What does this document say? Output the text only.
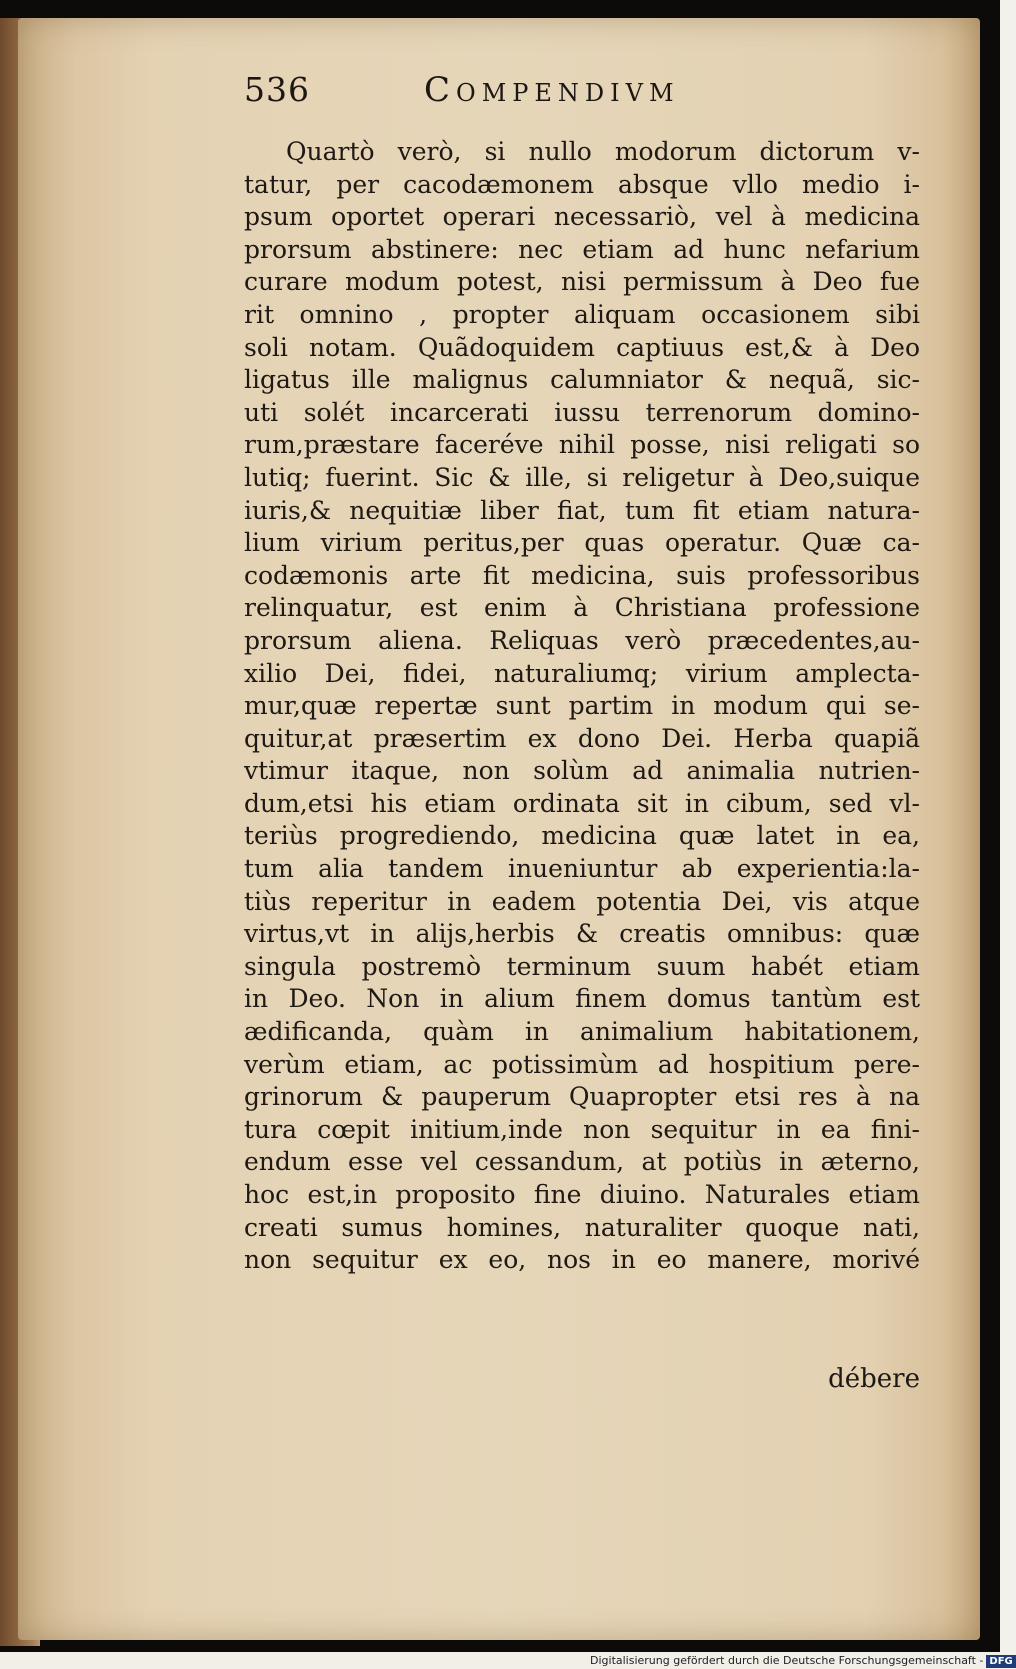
536	Compendivm
Quartò verò, si nullo modorum dictorum v-
tatur, per cacodæmonem absque vllo medio i-
psum oportet operari necessariò, vel à medicina
prorsum abstinere: nec etiam ad hunc nefarium
curare modum potest, nisi permissum à Deo fue
rit omnino , propter aliquam occasionem sibi
soli notam. Quãdoquidem captiuus est,& à Deo
ligatus ille malignus calumniator & nequã, sic-
uti solét incarcerati iussu terrenorum domino-
rum,præstare faceréve nihil posse, nisi religati so
lutiq; fuerint. Sic & ille, si religetur à Deo,suique
iuris,& nequitiæ liber fiat, tum fit etiam natura-
lium virium peritus,per quas operatur. Quæ ca-
codæmonis arte fit medicina, suis professoribus
relinquatur, est enim à Christiana professione
prorsum aliena. Reliquas verò præcedentes,au-
xilio Dei, fidei, naturaliumq; virium amplecta-
mur,quæ repertæ sunt partim in modum qui se-
quitur,at præsertim ex dono Dei. Herba quapiã
vtimur itaque, non solùm ad animalia nutrien-
dum,etsi his etiam ordinata sit in cibum, sed vl-
teriùs progrediendo, medicina quæ latet in ea,
tum alia tandem inueniuntur ab experientia:la-
tiùs reperitur in eadem potentia Dei, vis atque
virtus,vt in alijs,herbis & creatis omnibus: quæ
singula postremò terminum suum habét etiam
in Deo. Non in alium finem domus tantùm est
ædificanda, quàm in animalium habitationem,
verùm etiam, ac potissimùm ad hospitium pere-
grinorum & pauperum Quapropter etsi res à na
tura cœpit initium,inde non sequitur in ea fini-
endum esse vel cessandum, at potiùs in æterno,
hoc est,in proposito fine diuino. Naturales etiam
creati sumus homines, naturaliter quoque nati,
non sequitur ex eo, nos in eo manere, morivé
débere
Digitalisierung gefördert durch die Deutsche Forschungsgemeinschaft - DFG
